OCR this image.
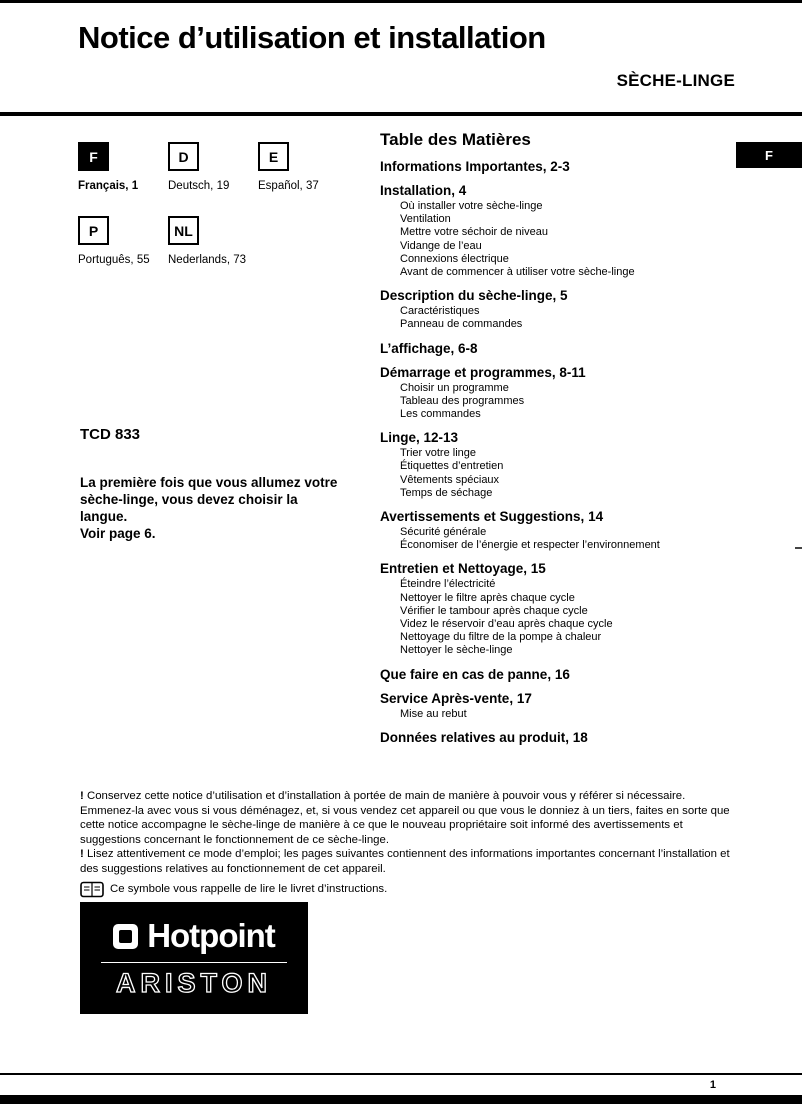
Notice d’utilisation et installation
SÈCHE-LINGE
F
F
Français, 1
D
Deutsch, 19
E
Español, 37
P
Português, 55
NL
Nederlands, 73
TCD 833

La première fois que vous allumez votre sèche-linge, vous devez choisir la langue.

Voir page 6.

Table des Matières
Informations Importantes, 2-3
Installation, 4
Où installer votre sèche-linge
Ventilation
Mettre votre séchoir de niveau
Vidange de l’eau
Connexions électrique
Avant de commencer à utiliser votre sèche-linge
Description du sèche-linge, 5
Caractéristiques
Panneau de commandes
L’affichage, 6-8
Démarrage et programmes, 8-11
Choisir un programme
Tableau des programmes
Les commandes
Linge, 12-13
Trier votre linge
Étiquettes d’entretien
Vêtements spéciaux
Temps de séchage
Avertissements et Suggestions, 14
Sécurité générale
Économiser de l’énergie et respecter l’environnement
Entretien et Nettoyage, 15
Éteindre l’électricité
Nettoyer le filtre après chaque cycle
Vérifier le tambour après chaque cycle
Videz le réservoir d’eau après chaque cycle
Nettoyage du filtre de la pompe à chaleur
Nettoyer le sèche-linge
Que faire en cas de panne, 16
Service Après-vente, 17
Mise au rebut
Données relatives au produit, 18

! Conservez cette notice d’utilisation et d’installation à portée de main de manière à pouvoir vous y référer si nécessaire. Emmenez-la avec vous si vous déménagez, et, si vous vendez cet appareil ou que vous le donniez à un tiers, faites en sorte que cette notice accompagne le sèche-linge de manière à ce que le nouveau propriétaire soit informé des avertissements et suggestions concernant le fonctionnement de ce sèche-linge.

! Lisez attentivement ce mode d’emploi; les pages suivantes contiennent des informations importantes concernant l’installation et des suggestions relatives au fonctionnement de cet appareil.

Ce symbole vous rappelle de lire le livret d’instructions.
Hotpoint
ARISTON
1
